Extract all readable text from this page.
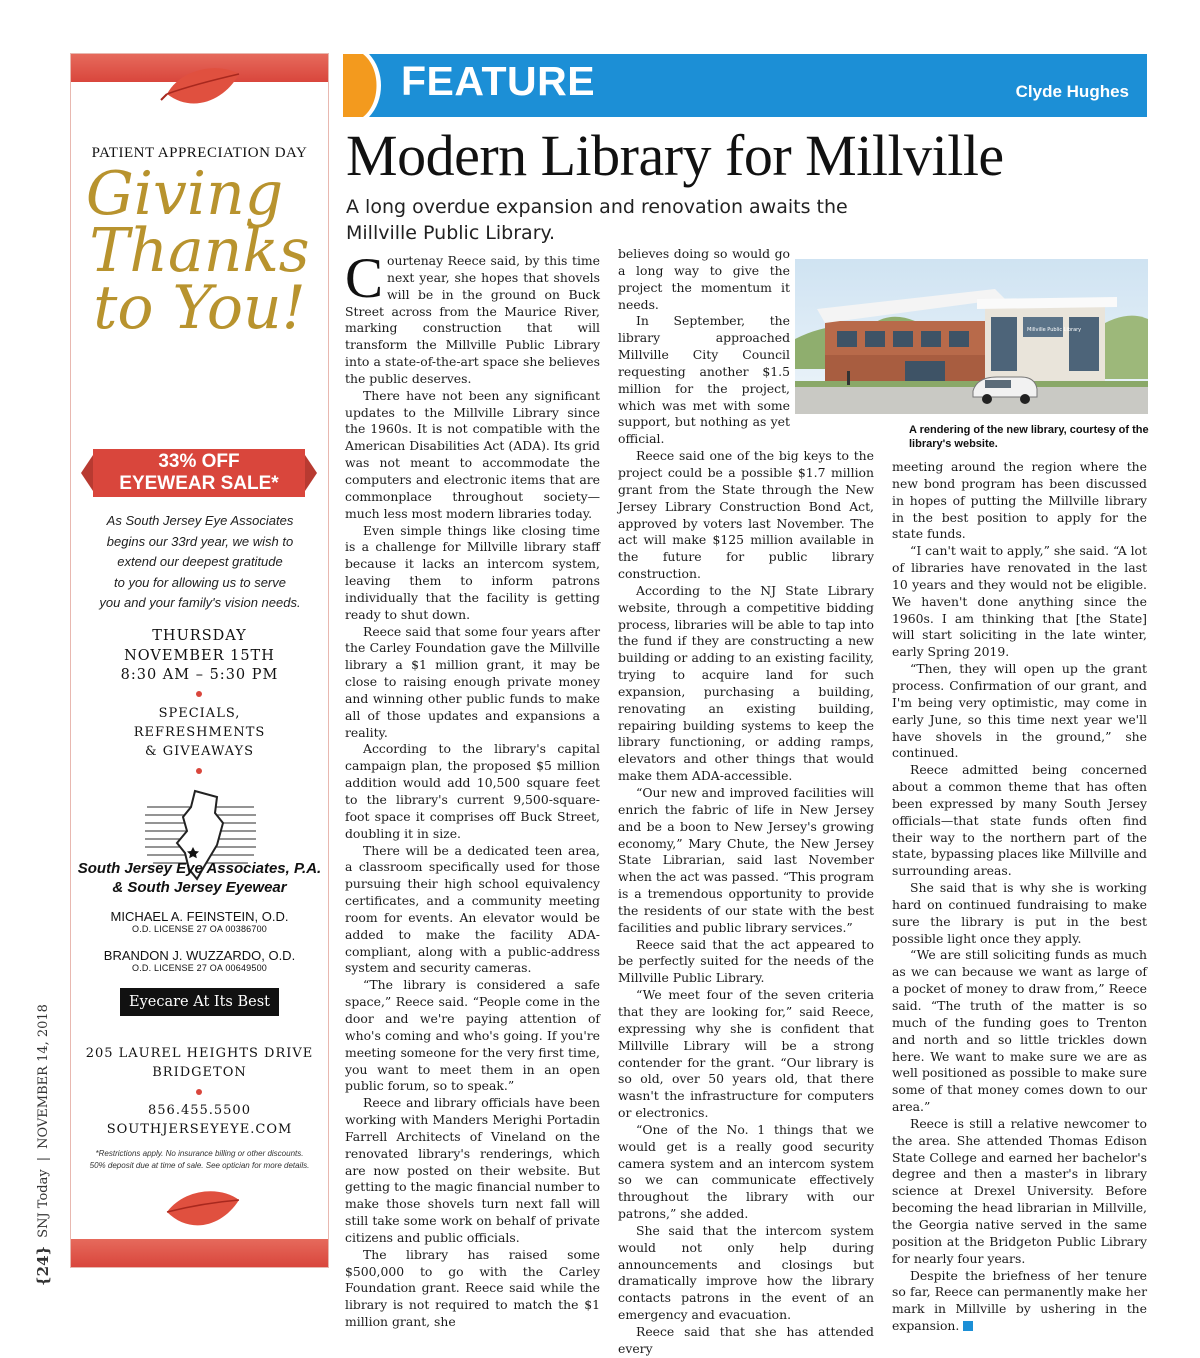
{24}
SNJ Today
|
NOVEMBER 14, 2018
PATIENT APPRECIATION DAY
Giving
Thanks
to You!
33% OFF
EYEWEAR SALE*
As South Jersey Eye Associates
begins our 33rd year, we wish to
extend our deepest gratitude
to you for allowing us to serve
you and your family's vision needs.
THURSDAY
NOVEMBER 15TH
8:30 AM – 5:30 PM
SPECIALS,
REFRESHMENTS
& GIVEAWAYS
South Jersey Eye Associates, P.A.
& South Jersey Eyewear
MICHAEL A. FEINSTEIN, O.D.
O.D. LICENSE 27 OA 00386700
BRANDON J. WUZZARDO, O.D.
O.D. LICENSE 27 OA 00649500
Eyecare At Its Best
205 LAUREL HEIGHTS DRIVE
BRIDGETON
856.455.5500
SOUTHJERSEYEYE.COM
*Restrictions apply. No insurance billing or other discounts.
50% deposit due at time of sale. See optician for more details.
FEATURE	Clyde Hughes
Modern Library for Millville
A long overdue expansion and renovation awaits the Millville Public Library.

Courtenay Reece said, by this time next year, she hopes that shovels will be in the ground on Buck Street across from the Maurice River, marking construction that will transform the Millville Public Library into a state-of-the-art space she believes the public deserves.

There have not been any significant updates to the Millville Library since the 1960s. It is not compatible with the American Disabilities Act (ADA). Its grid was not meant to accommodate the computers and electronic items that are commonplace throughout society—much less most modern libraries today.

Even simple things like closing time is a challenge for Millville library staff because it lacks an intercom system, leaving them to inform patrons individually that the facility is getting ready to shut down.

Reece said that some four years after the Carley Foundation gave the Millville library a $1 million grant, it may be close to raising enough private money and winning other public funds to make all of those updates and expansions a reality.

According to the library's capital campaign plan, the proposed $5 million addition would add 10,500 square feet to the library's current 9,500-square-foot space it comprises off Buck Street, doubling it in size.

There will be a dedicated teen area, a classroom specifically used for those pursuing their high school equivalency certificates, and a community meeting room for events. An elevator would be added to make the facility ADA-compliant, along with a public-address system and security cameras.

“The library is considered a safe space,” Reece said. “People come in the door and we're paying attention of who's coming and who's going. If you're meeting someone for the very first time, you want to meet them in an open public forum, so to speak.”

Reece and library officials have been working with Manders Merighi Portadin Farrell Architects of Vineland on the renovated library's renderings, which are now posted on their website. But getting to the magic financial number to make those shovels turn next fall will still take some work on behalf of private citizens and public officials.

The library has raised some $500,000 to go with the Carley Foundation grant. Reece said while the library is not required to match the $1 million grant, she

believes doing so would go a long way to give the project the momentum it needs.

In September, the library approached Millville City Council requesting another $1.5 million for the project, which was met with some support, but nothing as yet official.

Reece said one of the big keys to the project could be a possible $1.7 million grant from the State through the New Jersey Library Construction Bond Act, approved by voters last November. The act will make $125 million available in the future for public library construction.

According to the NJ State Library website, through a competitive bidding process, libraries will be able to tap into the fund if they are constructing a new building or adding to an existing facility, trying to acquire land for such expansion, purchasing a building, renovating an existing building, repairing building systems to keep the library functioning, or adding ramps, elevators and other things that would make them ADA-accessible.

“Our new and improved facilities will enrich the fabric of life in New Jersey and be a boon to New Jersey's growing economy,” Mary Chute, the New Jersey State Librarian, said last November when the act was passed. “This program is a tremendous opportunity to provide the residents of our state with the best facilities and public library services.”

Reece said that the act appeared to be perfectly suited for the needs of the Millville Public Library.

“We meet four of the seven criteria that they are looking for,” said Reece, expressing why she is confident that Millville Library will be a strong contender for the grant. “Our library is so old, over 50 years old, that there wasn't the infrastructure for computers or electronics.

“One of the No. 1 things that we would get is a really good security camera system and an intercom system so we can communicate effectively throughout the library with our patrons,” she added.

She said that the intercom system would not only help during announcements and closings but dramatically improve how the library contacts patrons in the event of an emergency and evacuation.

Reece said that she has attended every

Millville Public Library
A rendering of the new library, courtesy of the library's website.

meeting around the region where the new bond program has been discussed in hopes of putting the Millville library in the best position to apply for the state funds.

“I can't wait to apply,” she said. “A lot of libraries have renovated in the last 10 years and they would not be eligible. We haven't done anything since the 1960s. I am thinking that [the State] will start soliciting in the late winter, early Spring 2019.

“Then, they will open up the grant process. Confirmation of our grant, and I'm being very optimistic, may come in early June, so this time next year we'll have shovels in the ground,” she continued.

Reece admitted being concerned about a common theme that has often been expressed by many South Jersey officials—that state funds often find their way to the northern part of the state, bypassing places like Millville and surrounding areas.

She said that is why she is working hard on continued fundraising to make sure the library is put in the best possible light once they apply.

“We are still soliciting funds as much as we can because we want as large of a pocket of money to draw from,” Reece said. “The truth of the matter is so much of the funding goes to Trenton and north and so little trickles down here. We want to make sure we are as well positioned as possible to make sure some of that money comes down to our area.”

Reece is still a relative newcomer to the area. She attended Thomas Edison State College and earned her bachelor's degree and then a master's in library science at Drexel University. Before becoming the head librarian in Millville, the Georgia native served in the same position at the Bridgeton Public Library for nearly four years.

Despite the briefness of her tenure so far, Reece can permanently make her mark in Millville by ushering in the expansion.
